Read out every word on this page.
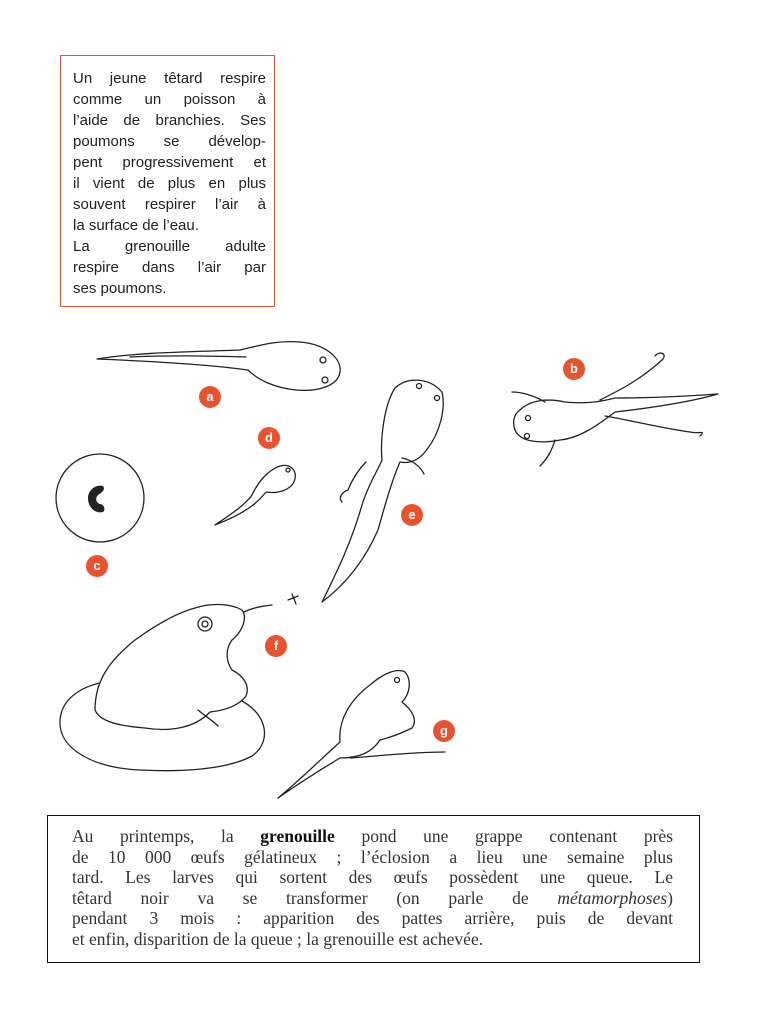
Un jeune têtard respire
comme un poisson à
l’aide de branchies. Ses
poumons se dévelop-
pent progressivement et
il vient de plus en plus
souvent respirer l’air à
la surface de l’eau.
La grenouille adulte
respire dans l’air par
ses poumons.
a
b
c
d
e
f
g
Au printemps, la grenouille pond une grappe contenant près
de 10 000 œufs gélatineux ; l’éclosion a lieu une semaine plus
tard. Les larves qui sortent des œufs possèdent une queue. Le
têtard noir va se transformer (on parle de métamorphoses)
pendant 3 mois : apparition des pattes arrière, puis de devant
et enfin, disparition de la queue ; la grenouille est achevée.
